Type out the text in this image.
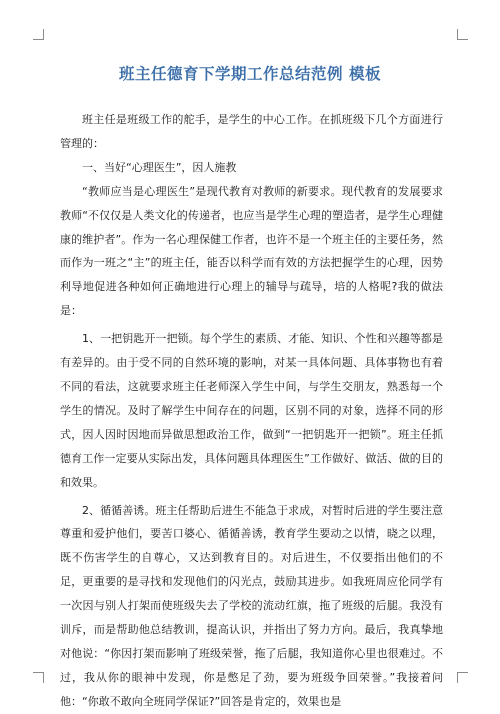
班主任德育下学期工作总结范例 模板

班主任是班级工作的舵手，是学生的中心工作。在抓班级下几个方面进行管理的：

一、当好“心理医生”，因人施教

“教师应当是心理医生”是现代教育对教师的新要求。现代教育的发展要求教师“不仅仅是人类文化的传递者，也应当是学生心理的塑造者，是学生心理健康的维护者”。作为一名心理保健工作者，也许不是一个班主任的主要任务，然而作为一班之“主”的班主任，能否以科学而有效的方法把握学生的心理，因势利导地促进各种如何正确地进行心理上的辅导与疏导，培的人格呢?我的做法是：

1、一把钥匙开一把锁。每个学生的素质、才能、知识、个性和兴趣等都是有差异的。由于受不同的自然环境的影响，对某一具体问题、具体事物也有着不同的看法，这就要求班主任老师深入学生中间，与学生交朋友，熟悉每一个学生的情况。及时了解学生中间存在的问题，区别不同的对象，选择不同的形式，因人因时因地而异做思想政治工作，做到“一把钥匙开一把锁”。班主任抓德育工作一定要从实际出发，具体问题具体理医生”工作做好、做活、做的目的和效果。

2、循循善诱。班主任帮助后进生不能急于求成，对暂时后进的学生要注意尊重和爱护他们，要苦口婆心、循循善诱，教育学生要动之以情，晓之以理，既不伤害学生的自尊心，又达到教育目的。对后进生，不仅要指出他们的不足，更重要的是寻找和发现他们的闪光点，鼓励其进步。如我班周应伦同学有一次因与别人打架而使班级失去了学校的流动红旗，拖了班级的后腿。我没有训斥，而是帮助他总结教训，提高认识，并指出了努力方向。最后，我真挚地对他说：“你因打架而影响了班级荣誉，拖了后腿，我知道你心里也很难过。不过，我从你的眼神中发现，你是憋足了劲，要为班级争回荣誉。”我接着问他：“你敢不敢向全班同学保证?”回答是肯定的，效果也是
